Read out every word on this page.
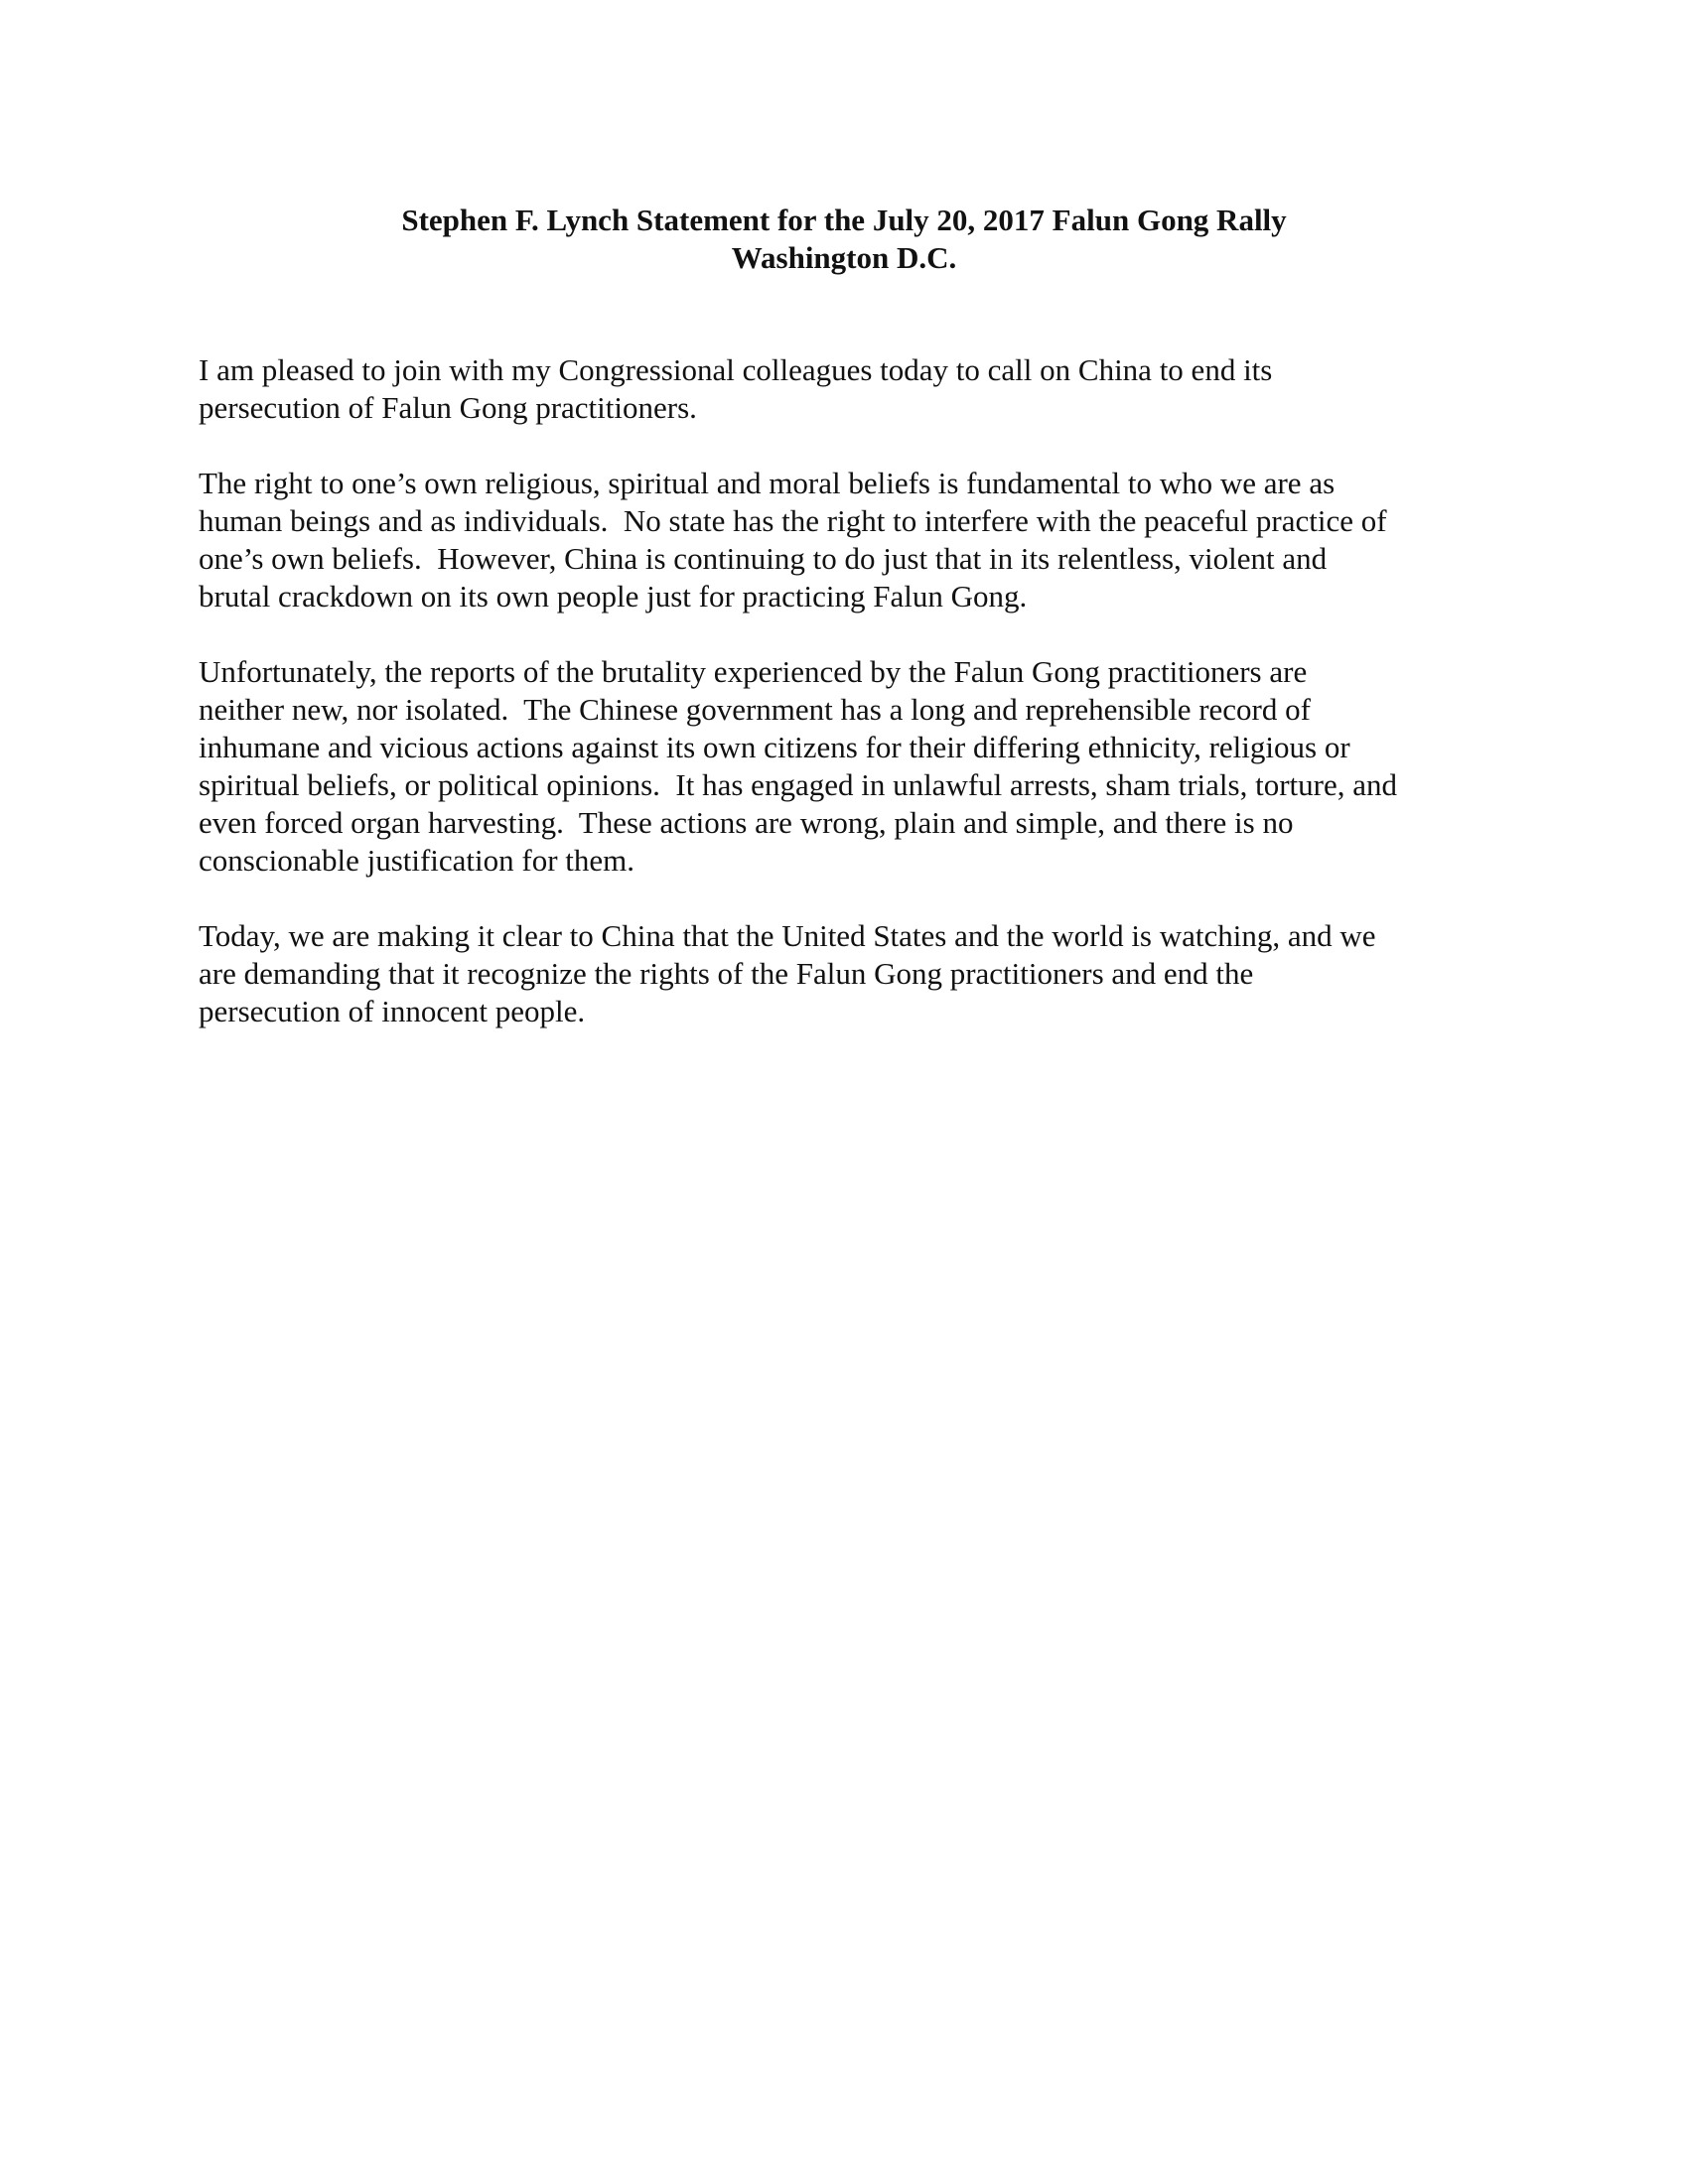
Stephen F. Lynch Statement for the July 20, 2017 Falun Gong Rally
Washington D.C.

I am pleased to join with my Congressional colleagues today to call on China to end its
persecution of Falun Gong practitioners.

The right to one’s own religious, spiritual and moral beliefs is fundamental to who we are as
human beings and as individuals.  No state has the right to interfere with the peaceful practice of
one’s own beliefs.  However, China is continuing to do just that in its relentless, violent and
brutal crackdown on its own people just for practicing Falun Gong.

Unfortunately, the reports of the brutality experienced by the Falun Gong practitioners are
neither new, nor isolated.  The Chinese government has a long and reprehensible record of
inhumane and vicious actions against its own citizens for their differing ethnicity, religious or
spiritual beliefs, or political opinions.  It has engaged in unlawful arrests, sham trials, torture, and
even forced organ harvesting.  These actions are wrong, plain and simple, and there is no
conscionable justification for them.

Today, we are making it clear to China that the United States and the world is watching, and we
are demanding that it recognize the rights of the Falun Gong practitioners and end the
persecution of innocent people.
